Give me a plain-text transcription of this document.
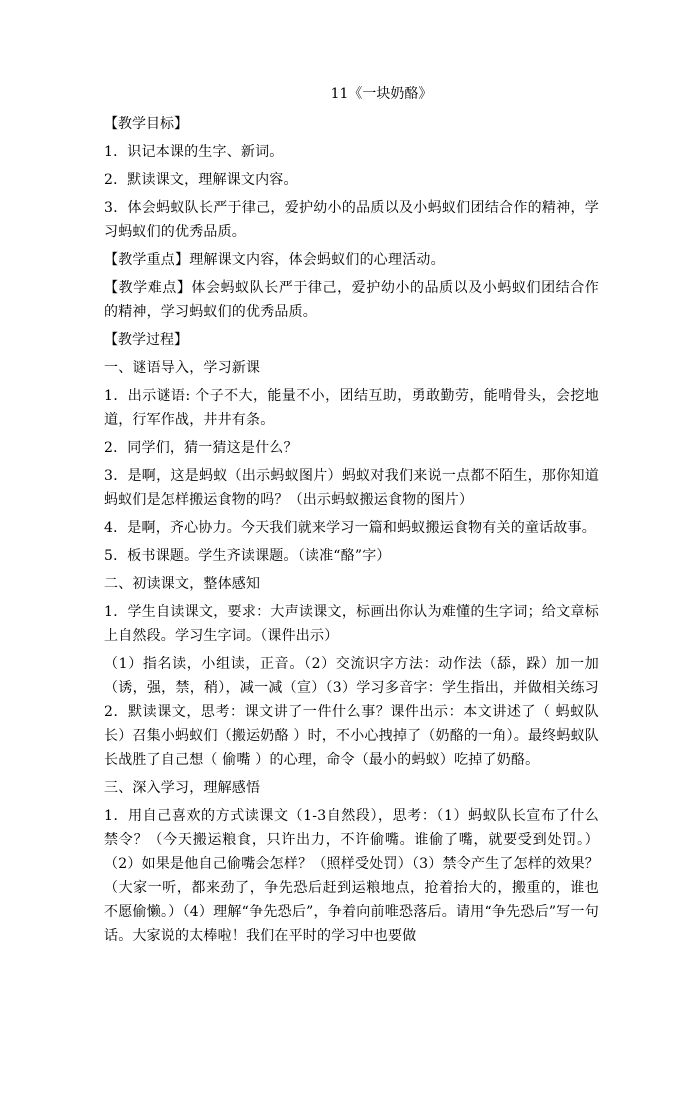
11《一块奶酪》
【教学目标】
1．识记本课的生字、新词。
2．默读课文，理解课文内容。
3．体会蚂蚁队长严于律己，爱护幼小的品质以及小蚂蚁们团结合作的精神，学习蚂蚁们的优秀品质。
【教学重点】理解课文内容，体会蚂蚁们的心理活动。
【教学难点】体会蚂蚁队长严于律己，爱护幼小的品质以及小蚂蚁们团结合作的精神，学习蚂蚁们的优秀品质。
【教学过程】
一、谜语导入，学习新课
1．出示谜语: 个子不大，能量不小，团结互助，勇敢勤劳，能啃骨头，会挖地道，行军作战，井井有条。
2．同学们，猜一猜这是什么？
3．是啊，这是蚂蚁（出示蚂蚁图片）蚂蚁对我们来说一点都不陌生，那你知道蚂蚁们是怎样搬运食物的吗？（出示蚂蚁搬运食物的图片）
4．是啊，齐心协力。今天我们就来学习一篇和蚂蚁搬运食物有关的童话故事。
5．板书课题。学生齐读课题。（读准“酪”字）
二、初读课文，整体感知
1．学生自读课文，要求：大声读课文，标画出你认为难懂的生字词；给文章标上自然段。学习生字词。（课件出示）
（1）指名读，小组读，正音。（2）交流识字方法：动作法（舔，跺）加一加（诱，强，禁，稍），减一减（宣）（3）学习多音字：学生指出，并做相关练习 2．默读课文，思考：课文讲了一件什么事？课件出示：本文讲述了（ 蚂蚁队长）召集小蚂蚁们（搬运奶酪 ）时，不小心拽掉了（奶酪的一角）。最终蚂蚁队长战胜了自己想（ 偷嘴 ）的心理，命令（最小的蚂蚁）吃掉了奶酪。
三、深入学习，理解感悟
1．用自己喜欢的方式读课文（1-3自然段），思考：（1）蚂蚁队长宣布了什么禁令？（今天搬运粮食，只许出力，不许偷嘴。谁偷了嘴，就要受到处罚。）（2）如果是他自己偷嘴会怎样？（照样受处罚）（3）禁令产生了怎样的效果？（大家一听，都来劲了，争先恐后赶到运粮地点，抢着抬大的，搬重的，谁也不愿偷懒。）（4）理解“争先恐后”，争着向前唯恐落后。请用“争先恐后”写一句话。大家说的太棒啦！我们在平时的学习中也要做
